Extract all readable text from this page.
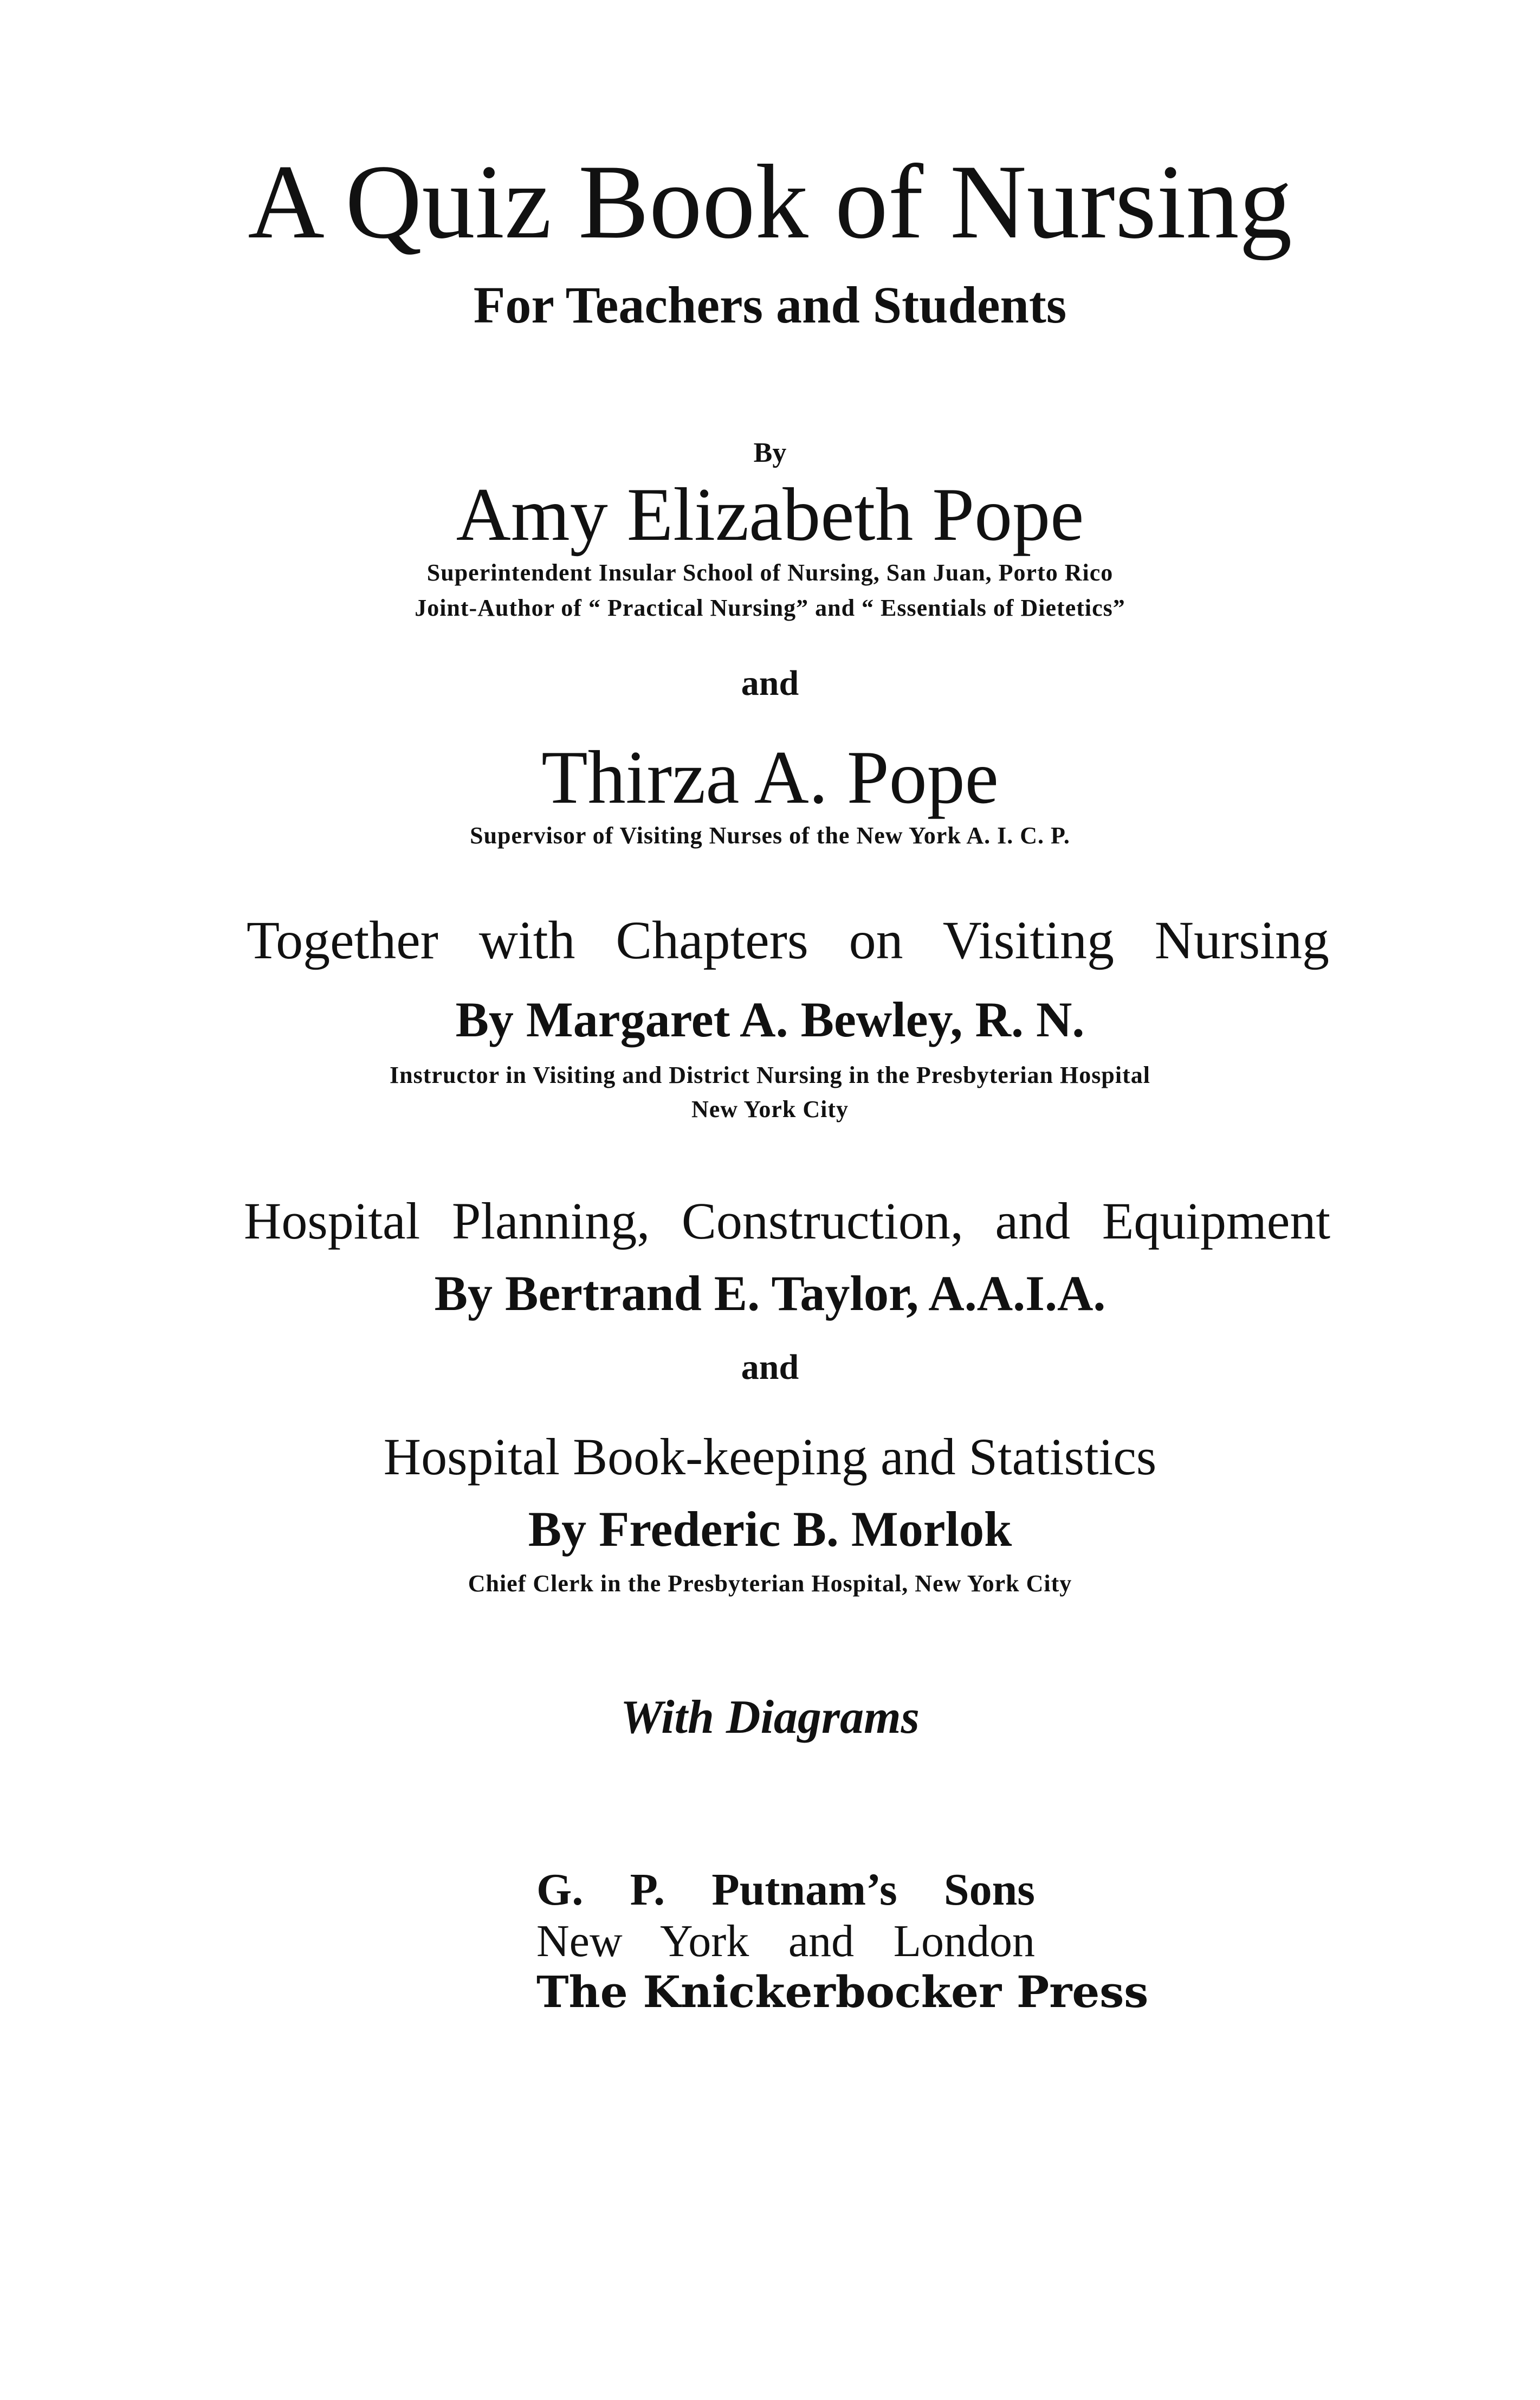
A Quiz Book of Nursing
For Teachers and Students
By
Amy Elizabeth Pope
Superintendent Insular School of Nursing, San Juan, Porto Rico
Joint-Author of “ Practical Nursing” and “ Essentials of Dietetics”
and
Thirza A. Pope
Supervisor of Visiting Nurses of the New York A. I. C. P.
Together with Chapters on Visiting Nursing
By Margaret A. Bewley, R. N.
Instructor in Visiting and District Nursing in the Presbyterian Hospital
New York City
Hospital Planning, Construction, and Equipment
By Bertrand E. Taylor, A.A.I.A.
and
Hospital Book-keeping and Statistics
By Frederic B. Morlok
Chief Clerk in the Presbyterian Hospital, New York City
With Diagrams
G. P. Putnam’s Sons
New York and London
The Knickerbocker Press
